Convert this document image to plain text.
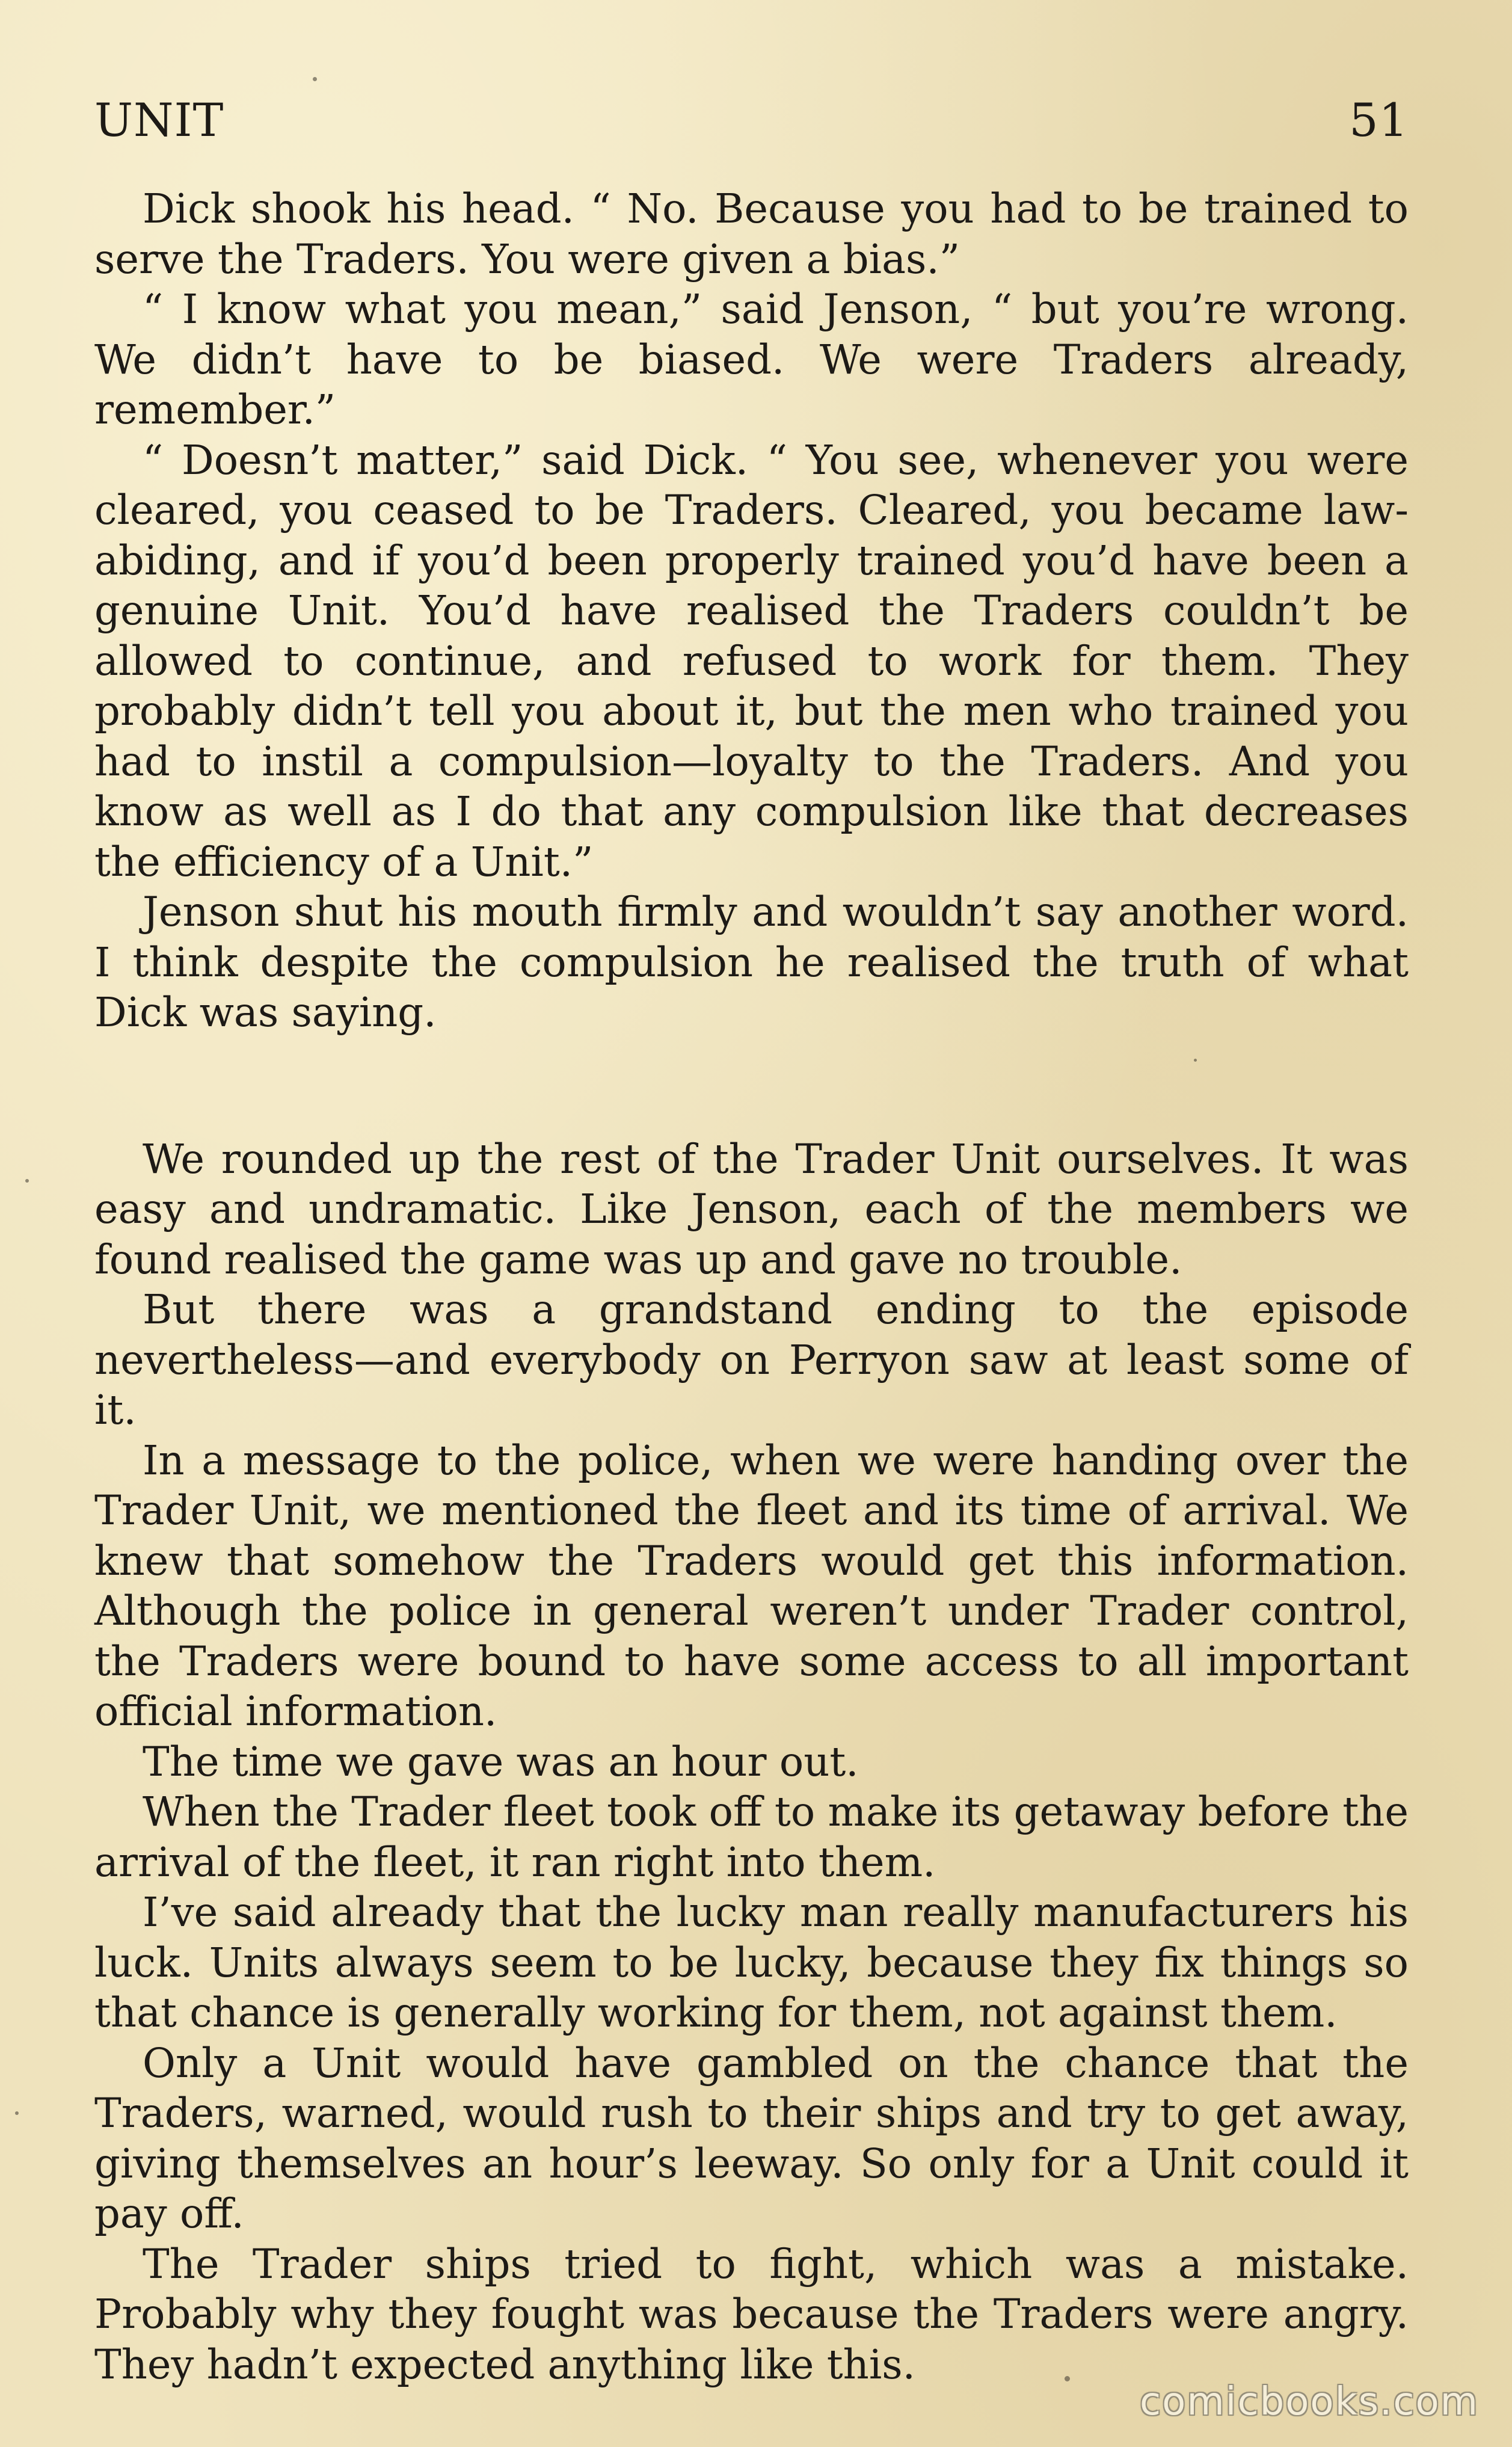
UNIT	51

Dick shook his head. “ No. Because you had to be trained to serve the Traders. You were given a bias.”

“ I know what you mean,” said Jenson, “ but you’re wrong. We didn’t have to be biased. We were Traders already, remember.”

“ Doesn’t matter,” said Dick. “ You see, whenever you were cleared, you ceased to be Traders. Cleared, you became law-abiding, and if you’d been properly trained you’d have been a genuine Unit. You’d have realised the Traders couldn’t be allowed to continue, and refused to work for them. They probably didn’t tell you about it, but the men who trained you had to instil a compulsion—loyalty to the Traders. And you know as well as I do that any compulsion like that decreases the efficiency of a Unit.”

Jenson shut his mouth firmly and wouldn’t say another word. I think despite the compulsion he realised the truth of what Dick was saying.

We rounded up the rest of the Trader Unit ourselves. It was easy and undramatic. Like Jenson, each of the members we found realised the game was up and gave no trouble.

But there was a grandstand ending to the episode nevertheless—and everybody on Perryon saw at least some of it.

In a message to the police, when we were handing over the Trader Unit, we mentioned the fleet and its time of arrival. We knew that somehow the Traders would get this information. Although the police in general weren’t under Trader control, the Traders were bound to have some access to all important official information.

The time we gave was an hour out.

When the Trader fleet took off to make its getaway before the arrival of the fleet, it ran right into them.

I’ve said already that the lucky man really manufacturers his luck. Units always seem to be lucky, because they fix things so that chance is generally working for them, not against them.

Only a Unit would have gambled on the chance that the Traders, warned, would rush to their ships and try to get away, giving themselves an hour’s leeway. So only for a Unit could it pay off.

The Trader ships tried to fight, which was a mistake. Probably why they fought was because the Traders were angry. They hadn’t expected anything like this.

comicbooks.com
